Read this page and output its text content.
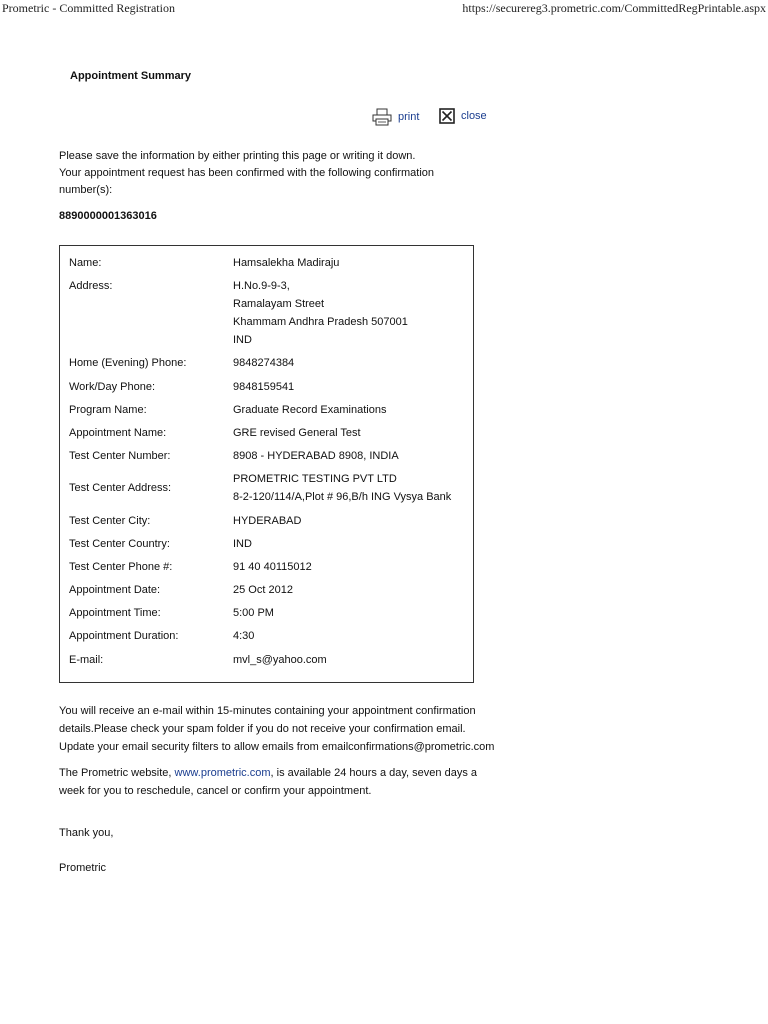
Prometric - Committed Registration	https://securereg3.prometric.com/CommittedRegPrintable.aspx
Appointment Summary
print	close

Please save the information by either printing this page or writing it down.

Your appointment request has been confirmed with the following confirmation number(s):

8890000001363016
Name:	Hamsalekha Madiraju

Address:	H.No.9-9-3,
Ramalayam Street
Khammam Andhra Pradesh 507001
IND

Home (Evening) Phone:	9848274384

Work/Day Phone:	9848159541

Program Name:	Graduate Record Examinations

Appointment Name:	GRE revised General Test

Test Center Number:	8908 - HYDERABAD 8908, INDIA

Test Center Address:	PROMETRIC TESTING PVT LTD
8-2-120/114/A,Plot # 96,B/h ING Vysya Bank

Test Center City:	HYDERABAD

Test Center Country:	IND

Test Center Phone #:	91 40 40115012

Appointment Date:	25 Oct 2012

Appointment Time:	5:00 PM

Appointment Duration:	4:30

E-mail:	mvl_s@yahoo.com

You will receive an e-mail within 15-minutes containing your appointment confirmation details.Please check your spam folder if you do not receive your confirmation email. Update your email security filters to allow emails from emailconfirmations@prometric.com

The Prometric website, www.prometric.com, is available 24 hours a day, seven days a week for you to reschedule, cancel or confirm your appointment.

Thank you,
Prometric
